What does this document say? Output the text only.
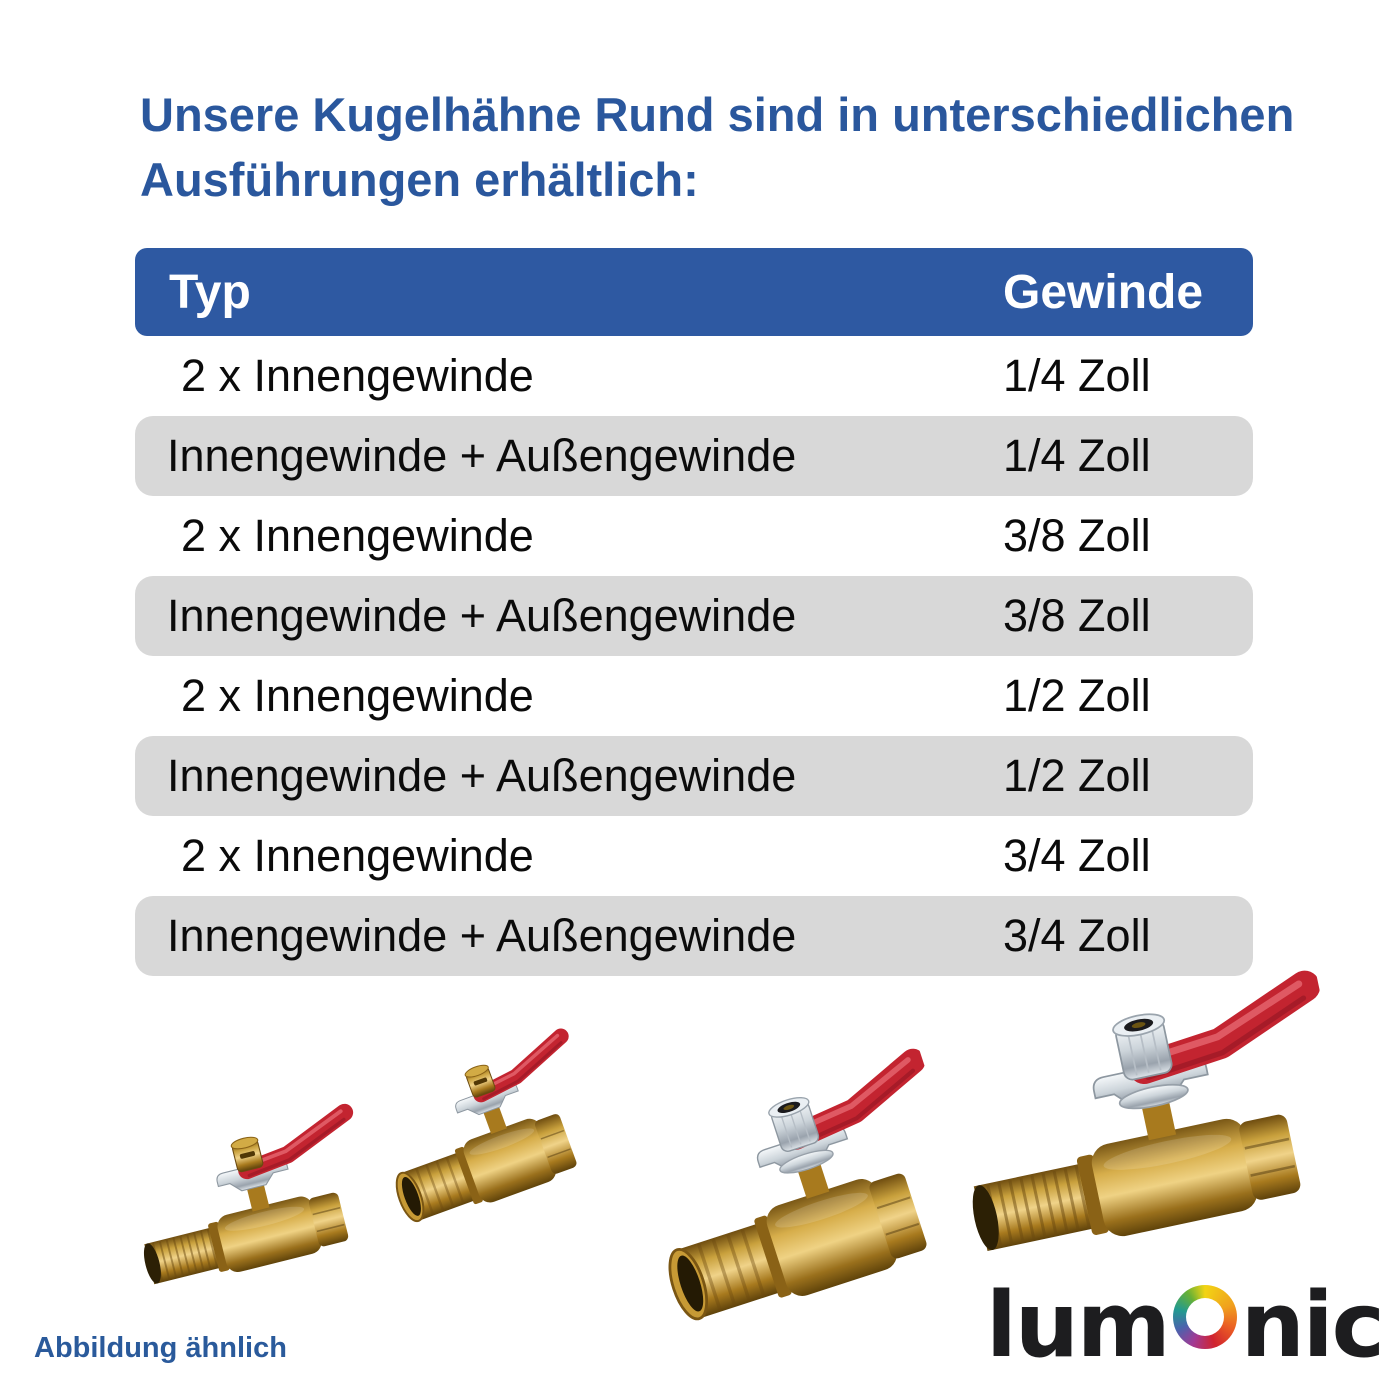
Unsere Kugelhähne Rund sind in unterschiedlichen
Ausführungen erhältlich:
Typ	Gewinde
2 x Innengewinde	1/4 Zoll
Innengewinde + Außengewinde	1/4 Zoll
2 x Innengewinde	3/8 Zoll
Innengewinde + Außengewinde	3/8 Zoll
2 x Innengewinde	1/2 Zoll
Innengewinde + Außengewinde	1/2 Zoll
2 x Innengewinde	3/4 Zoll
Innengewinde + Außengewinde	3/4 Zoll
Abbildung ähnlich	lum nic
